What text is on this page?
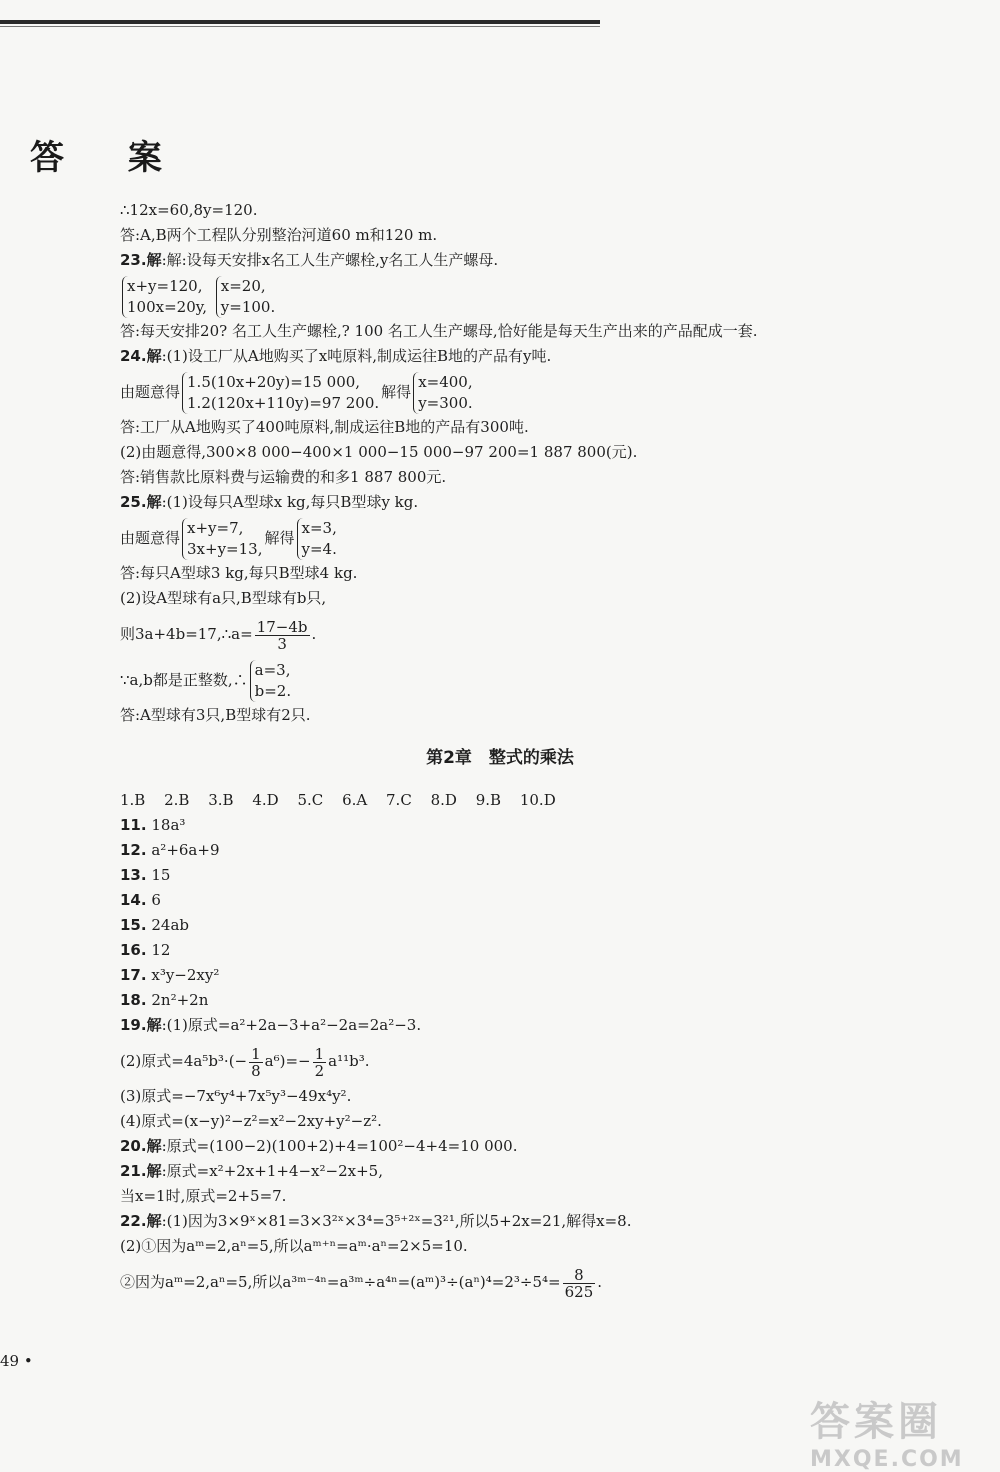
答 案
∴12x=60,8y=120.
答:A,B两个工程队分别整治河道60 m和120 m.
23.解:解:设每天安排x名工人生产螺栓,y名工人生产螺母.
x+y=120,
100x=20y, x=20,
y=100.
答:每天安排20? 名工人生产螺栓,? 100 名工人生产螺母,恰好能是每天生产出来的产品配成一套.
24.解:(1)设工厂从A地购买了x吨原料,制成运往B地的产品有y吨.
由题意得1.5(10x+20y)=15 000,
1.2(120x+110y)=97 200.解得x=400,
y=300.
答:工厂从A地购买了400吨原料,制成运往B地的产品有300吨.
(2)由题意得,300×8 000−400×1 000−15 000−97 200=1 887 800(元).
答:销售款比原料费与运输费的和多1 887 800元.
25.解:(1)设每只A型球x kg,每只B型球y kg.
由题意得x+y=7,
3x+y=13,解得x=3,
y=4.
答:每只A型球3 kg,每只B型球4 kg.
(2)设A型球有a只,B型球有b只,
则3a+4b=17,∴a= $\frac{17-4b}{3}$ .
∵a,b都是正整数,∴a=3,
b=2.
答:A型球有3只,B型球有2只.
第2章　整式的乘法
1.B 2.B 3.B 4.D 5.C 6.A 7.C 8.D 9.B 10.D
11. 18a³
12. a²+6a+9
13. 15
14. 6
15. 24ab
16. 12
17. x³y−2xy²
18. 2n²+2n
19.解:(1)原式=a²+2a−3+a²−2a=2a²−3.
(2)原式$=4a^5b^3\cdot(- \frac{1}{8} a^6)=- \frac{1}{2} a^{11}b^3$.
(3)原式=−7x⁶y⁴+7x⁵y³−49x⁴y².
(4)原式=(x−y)²−z²=x²−2xy+y²−z².
20.解:原式=(100−2)(100+2)+4=100²−4+4=10 000.
21.解:原式=x²+2x+1+4−x²−2x+5,
当x=1时,原式=2+5=7.
22.解:(1)因为3×9ˣ×81=3×3²ˣ×3⁴=3⁵⁺²ˣ=3²¹,所以5+2x=21,解得x=8.
(2)①因为aᵐ=2,aⁿ=5,所以aᵐ⁺ⁿ=aᵐ·aⁿ=2×5=10.
②因为aᵐ=2,aⁿ=5,所以a³ᵐ⁻⁴ⁿ=a³ᵐ÷a⁴ⁿ=(aᵐ)³÷(aⁿ)⁴=2³÷5⁴= $\frac{8}{625}$ .
49 •
答案圈
MXQE.COM
